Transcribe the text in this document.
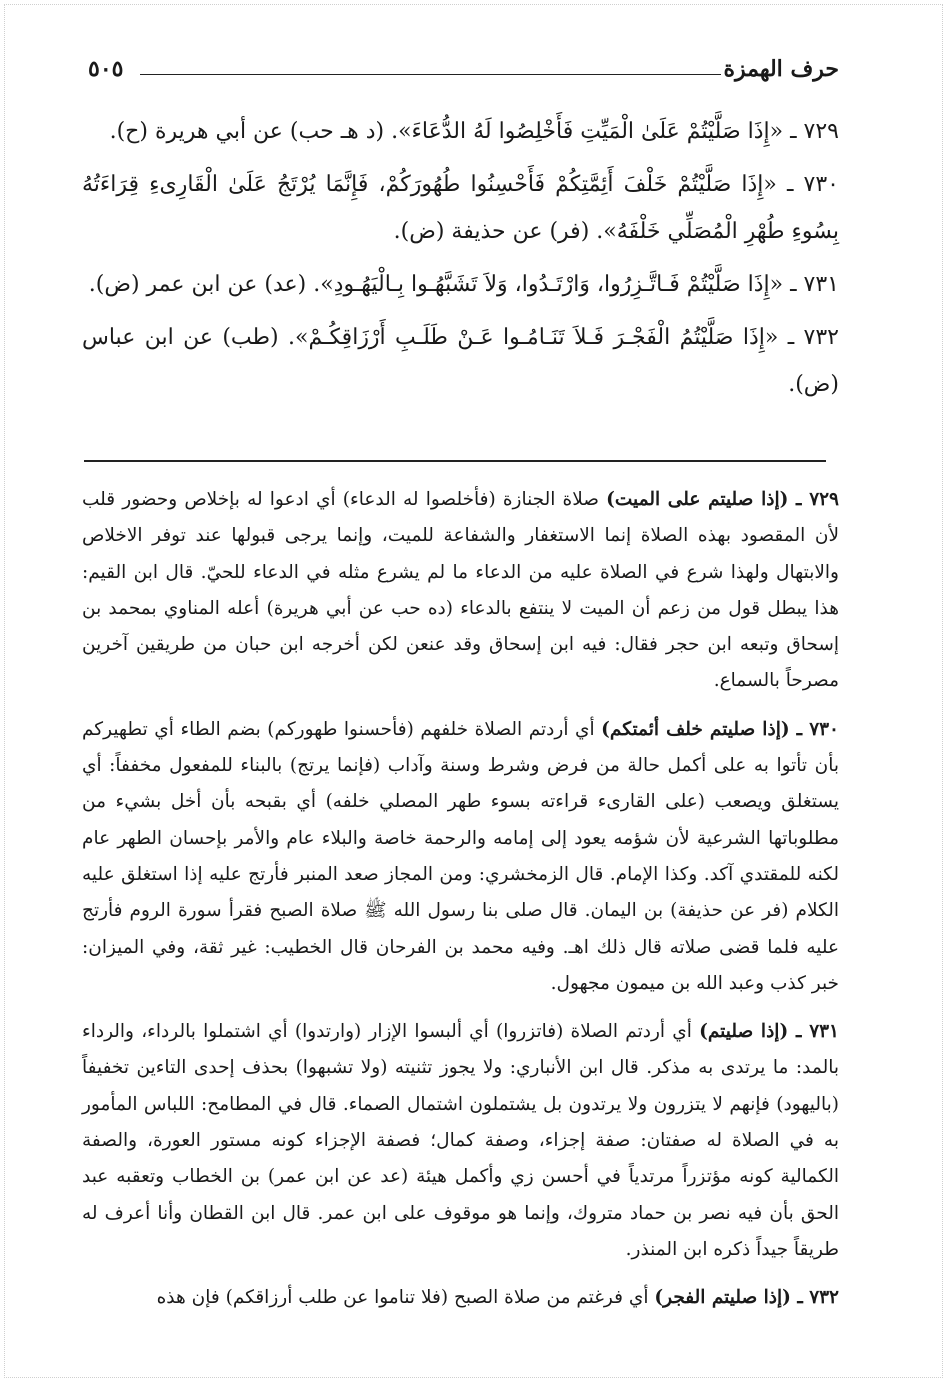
حرف الهمزة
٥٠٥

٧٢٩ ـ «إِذَا صَلَّيْتُمْ عَلَىٰ الْمَيِّتِ فَأَخْلِصُوا لَهُ الدُّعَاءَ». (د هـ حب) عن أبي هريرة (ح).

٧٣٠ ـ «إِذَا صَلَّيْتُمْ خَلْفَ أَئِمَّتِكُمْ فَأَحْسِنُوا طُهُورَكُمْ، فَإِنَّمَا يُرْتَجُ عَلَىٰ الْقَارِىءِ قِرَاءَتُهُ بِسُوءِ طُهْرِ الْمُصَلِّي خَلْفَهُ». (فر) عن حذيفة (ض).

٧٣١ ـ «إِذَا صَلَّيْتُمْ فَـاتَّـزِرُوا، وَارْتَـدُوا، وَلاَ تَشَبَّهُـوا بِـالْيَهُـودِ». (عد) عن ابن عمر (ض).

٧٣٢ ـ «إِذَا صَلَّيْتُمُ الْفَجْـرَ فَـلاَ تَنَـامُـوا عَـنْ طَلَـبِ أَرْزَاقِكُـمْ». (طب) عن ابن عباس (ض).

٧٢٩ ـ (إذا صليتم على الميت) صلاة الجنازة (فأخلصوا له الدعاء) أي ادعوا له بإخلاص وحضور قلب لأن المقصود بهذه الصلاة إنما الاستغفار والشفاعة للميت، وإنما يرجى قبولها عند توفر الاخلاص والابتهال ولهذا شرع في الصلاة عليه من الدعاء ما لم يشرع مثله في الدعاء للحيّ. قال ابن القيم: هذا يبطل قول من زعم أن الميت لا ينتفع بالدعاء (ده حب عن أبي هريرة) أعله المناوي بمحمد بن إسحاق وتبعه ابن حجر فقال: فيه ابن إسحاق وقد عنعن لكن أخرجه ابن حبان من طريقين آخرين مصرحاً بالسماع.

٧٣٠ ـ (إذا صليتم خلف أئمتكم) أي أردتم الصلاة خلفهم (فأحسنوا طهوركم) بضم الطاء أي تطهيركم بأن تأتوا به على أكمل حالة من فرض وشرط وسنة وآداب (فإنما يرتج) بالبناء للمفعول مخففاً: أي يستغلق ويصعب (على القارىء قراءته بسوء طهر المصلي خلفه) أي بقبحه بأن أخل بشيء من مطلوباتها الشرعية لأن شؤمه يعود إلى إمامه والرحمة خاصة والبلاء عام والأمر بإحسان الطهر عام لكنه للمقتدي آكد. وكذا الإمام. قال الزمخشري: ومن المجاز صعد المنبر فأرتج عليه إذا استغلق عليه الكلام (فر عن حذيفة) بن اليمان. قال صلى بنا رسول الله ﷺ صلاة الصبح فقرأ سورة الروم فأرتج عليه فلما قضى صلاته قال ذلك اهـ. وفيه محمد بن الفرحان قال الخطيب: غير ثقة، وفي الميزان: خبر كذب وعبد الله بن ميمون مجهول.

٧٣١ ـ (إذا صليتم) أي أردتم الصلاة (فاتزروا) أي ألبسوا الإزار (وارتدوا) أي اشتملوا بالرداء، والرداء بالمد: ما يرتدى به مذكر. قال ابن الأنباري: ولا يجوز تثنيته (ولا تشبهوا) بحذف إحدى التاءين تخفيفاً (باليهود) فإنهم لا يتزرون ولا يرتدون بل يشتملون اشتمال الصماء. قال في المطامح: اللباس المأمور به في الصلاة له صفتان: صفة إجزاء، وصفة كمال؛ فصفة الإجزاء كونه مستور العورة، والصفة الكمالية كونه مؤتزراً مرتدياً في أحسن زي وأكمل هيئة (عد عن ابن عمر) بن الخطاب وتعقبه عبد الحق بأن فيه نصر بن حماد متروك، وإنما هو موقوف على ابن عمر. قال ابن القطان وأنا أعرف له طريقاً جيداً ذكره ابن المنذر.

٧٣٢ ـ (إذا صليتم الفجر) أي فرغتم من صلاة الصبح (فلا تناموا عن طلب أرزاقكم) فإن هذه
